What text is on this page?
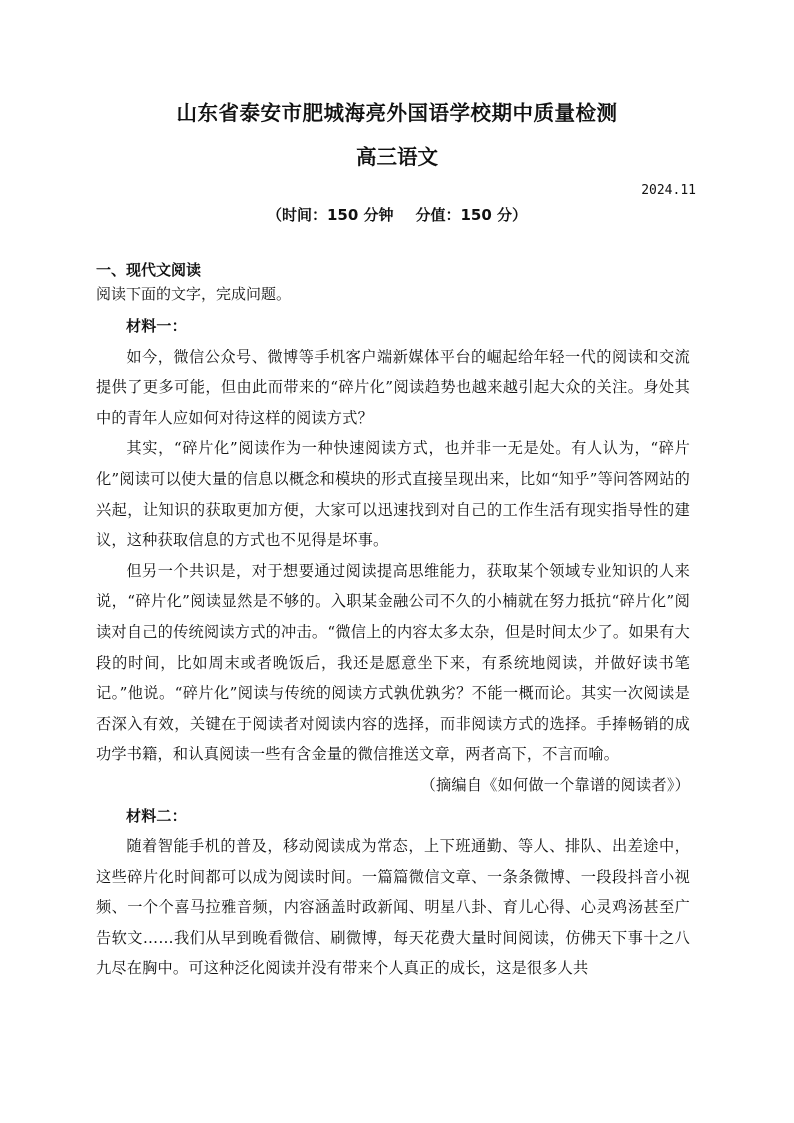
山东省泰安市肥城海亮外国语学校期中质量检测
高三语文
2024.11
（时间：150 分钟 分值：150 分）
一、现代文阅读
阅读下面的文字，完成问题。
材料一：

如今，微信公众号、微博等手机客户端新媒体平台的崛起给年轻一代的阅读和交流提供了更多可能，但由此而带来的“碎片化”阅读趋势也越来越引起大众的关注。身处其中的青年人应如何对待这样的阅读方式？

其实，“碎片化”阅读作为一种快速阅读方式，也并非一无是处。有人认为，“碎片化”阅读可以使大量的信息以概念和模块的形式直接呈现出来，比如“知乎”等问答网站的兴起，让知识的获取更加方便，大家可以迅速找到对自己的工作生活有现实指导性的建议，这种获取信息的方式也不见得是坏事。

但另一个共识是，对于想要通过阅读提高思维能力，获取某个领域专业知识的人来说，“碎片化”阅读显然是不够的。入职某金融公司不久的小楠就在努力抵抗“碎片化”阅读对自己的传统阅读方式的冲击。“微信上的内容太多太杂，但是时间太少了。如果有大段的时间，比如周末或者晚饭后，我还是愿意坐下来，有系统地阅读，并做好读书笔记。”他说。“碎片化”阅读与传统的阅读方式孰优孰劣？不能一概而论。其实一次阅读是否深入有效，关键在于阅读者对阅读内容的选择，而非阅读方式的选择。手捧畅销的成功学书籍，和认真阅读一些有含金量的微信推送文章，两者高下，不言而喻。

（摘编自《如何做一个靠谱的阅读者》）

材料二：

随着智能手机的普及，移动阅读成为常态，上下班通勤、等人、排队、出差途中，这些碎片化时间都可以成为阅读时间。一篇篇微信文章、一条条微博、一段段抖音小视频、一个个喜马拉雅音频，内容涵盖时政新闻、明星八卦、育儿心得、心灵鸡汤甚至广告软文……我们从早到晚看微信、刷微博，每天花费大量时间阅读，仿佛天下事十之八九尽在胸中。可这种泛化阅读并没有带来个人真正的成长，这是很多人共
